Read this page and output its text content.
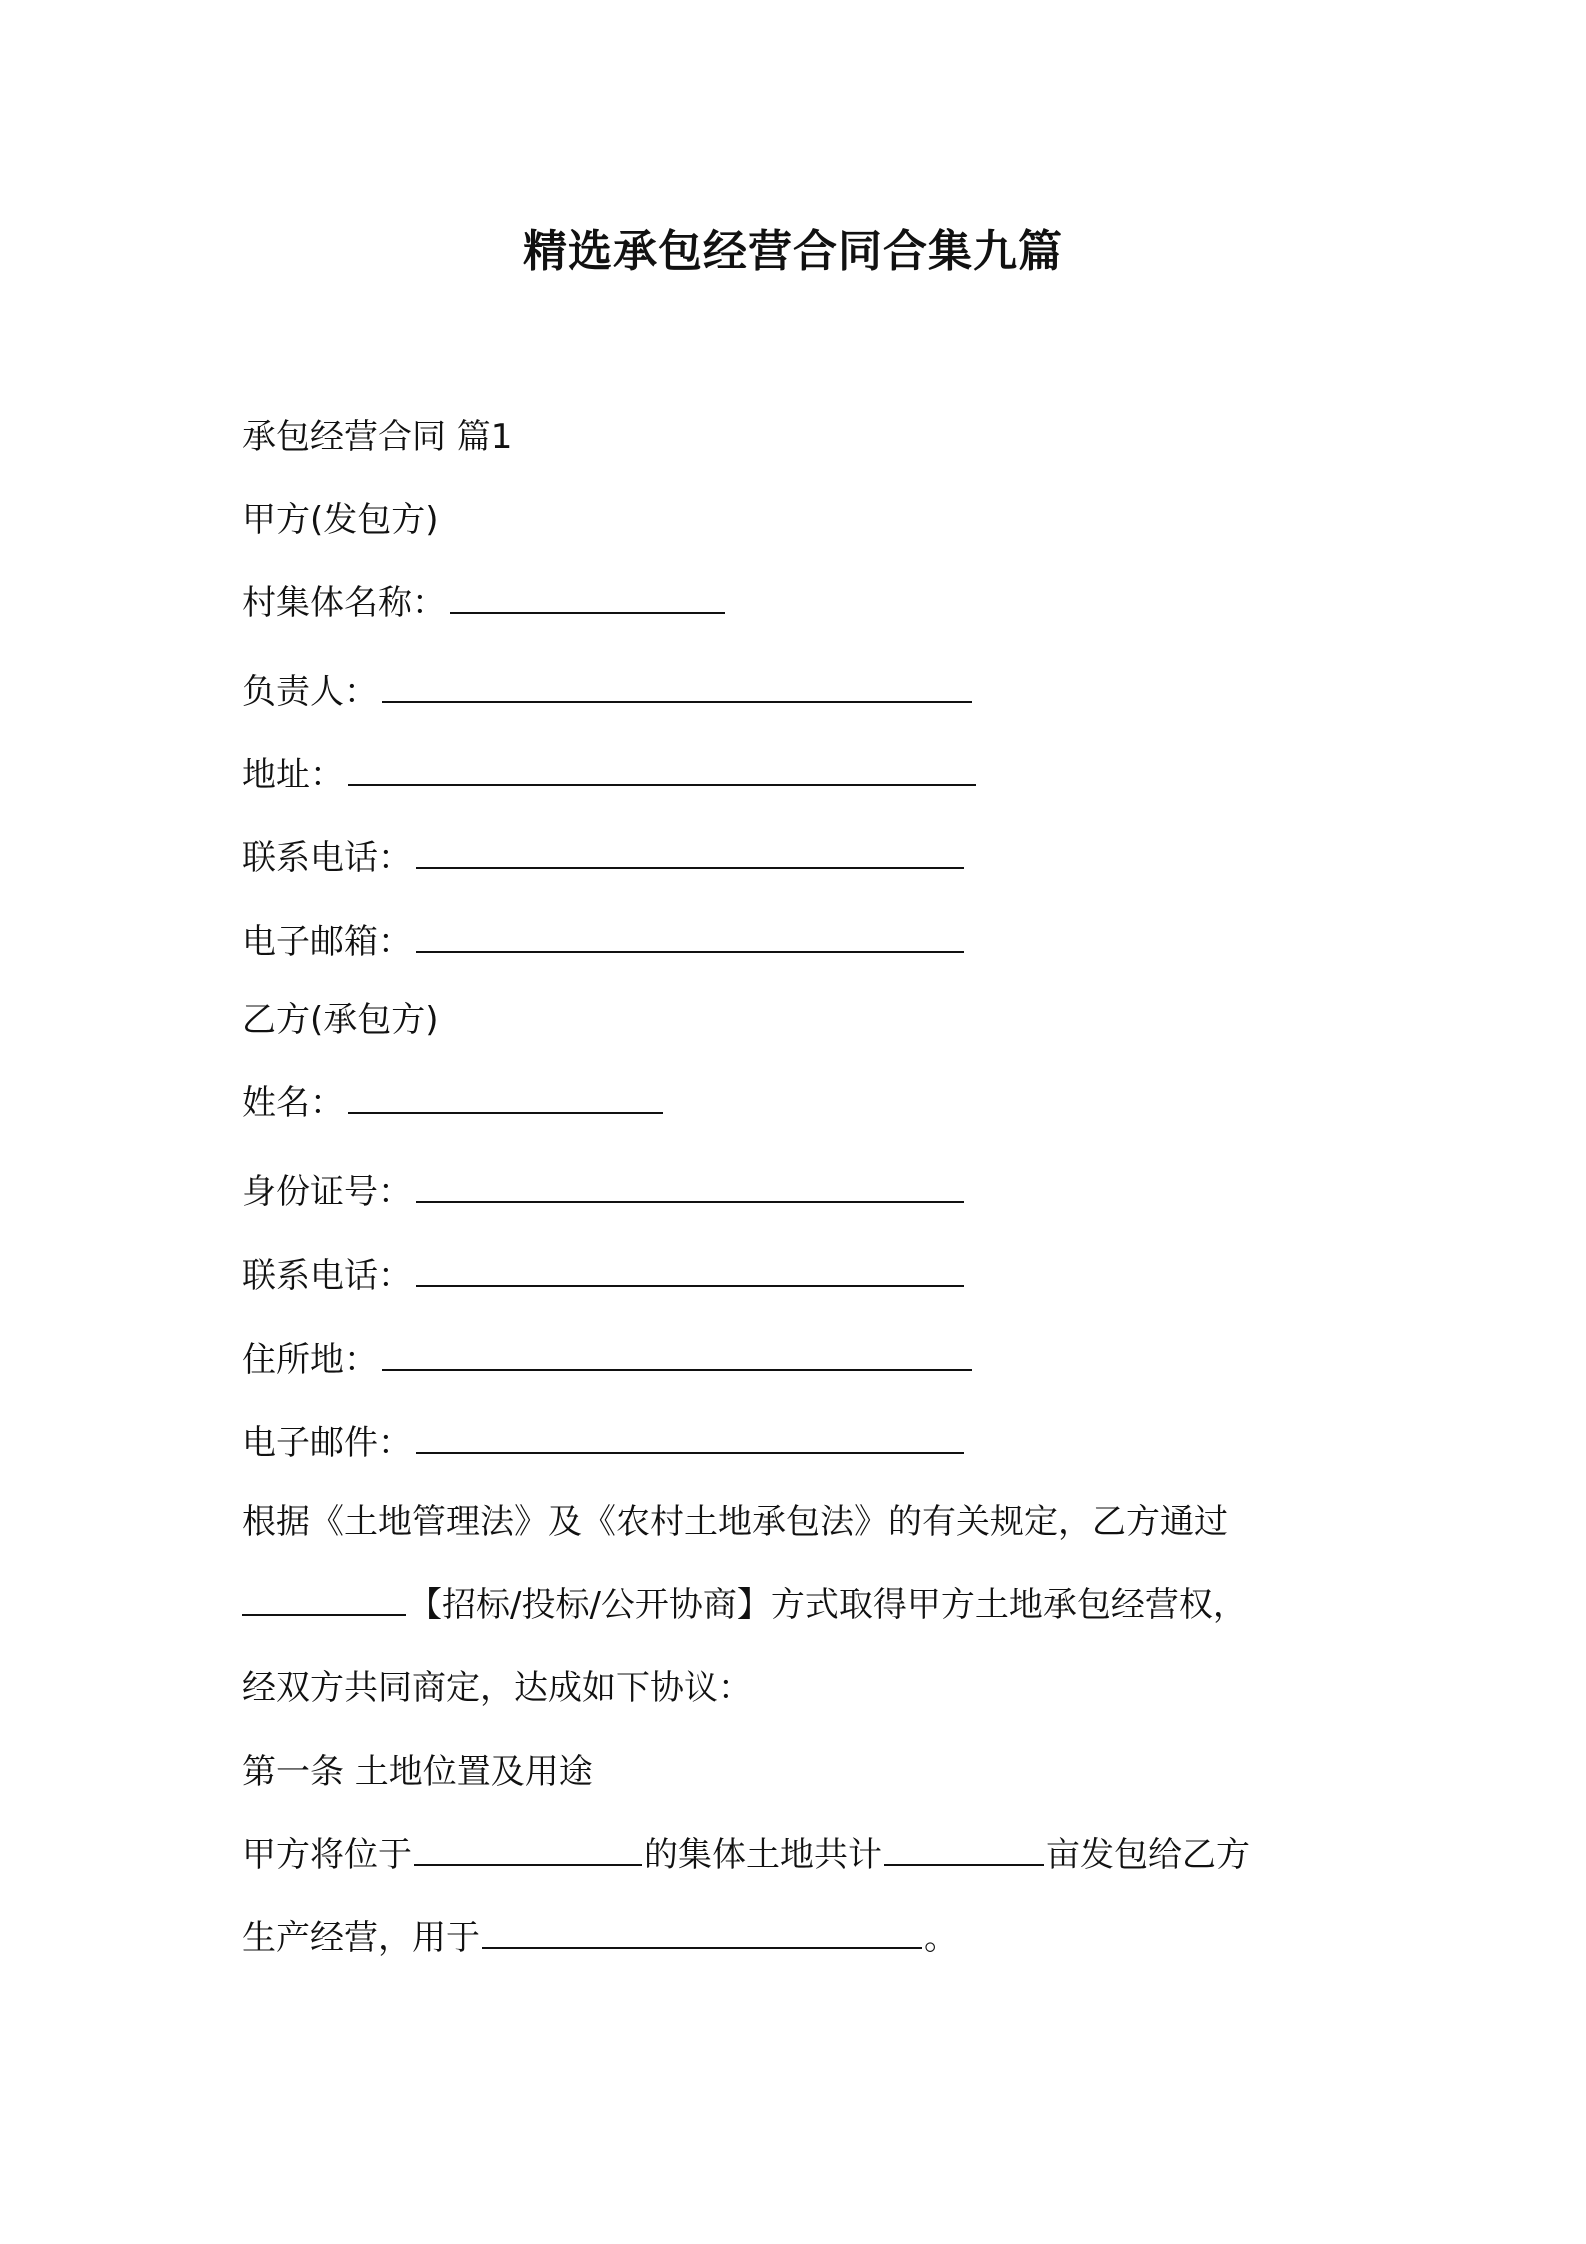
精选承包经营合同合集九篇
承包经营合同 篇1
甲方(发包方)
村集体名称：
负责人：
地址：
联系电话：
电子邮箱：
乙方(承包方)
姓名：
身份证号：
联系电话：
住所地：
电子邮件：
根据《土地管理法》及《农村土地承包法》的有关规定，乙方通过
【招标/投标/公开协商】方式取得甲方土地承包经营权，
经双方共同商定，达成如下协议：
第一条 土地位置及用途
甲方将位于	的集体土地共计	亩发包给乙方
生产经营，用于	。
